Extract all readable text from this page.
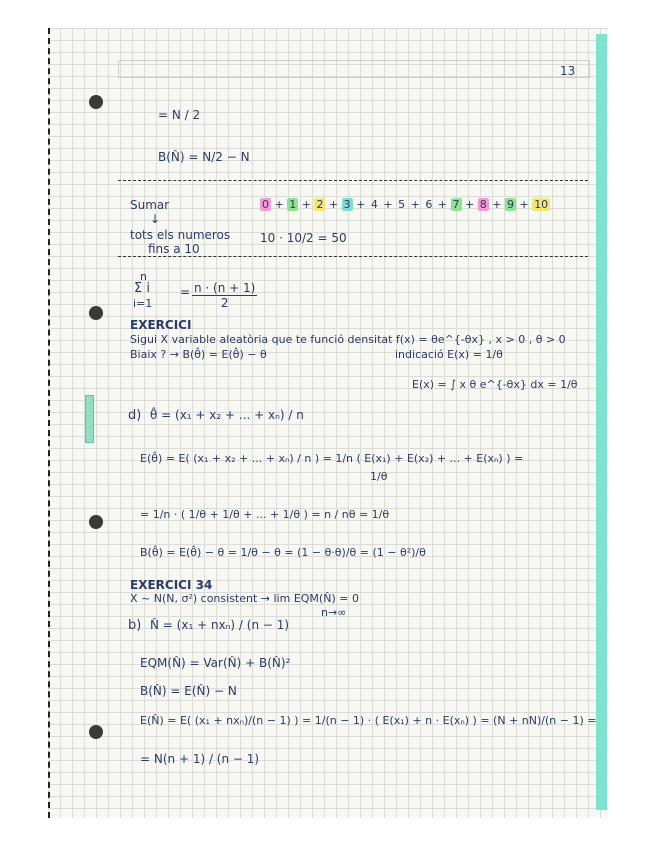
13
= N / 2
B(N̂) = N/2 − N
Sumar
↓
0 + 1 + 2 + 3 + 4 + 5 + 6 + 7 + 8 + 9 + 10
tots els numeros
fins a 10
10 · 10/2 = 50
n
Σ i
i=1
= $\frac{n \cdot (n + 1)}{2}$
EXERCICI
Sigui X variable aleatòria que te funció densitat f(x) = θe^{-θx} , x > 0 , θ > 0
Biaix ? → B(θ̂) = E(θ̂) − θ	indicació E(x) = 1/θ
E(x) = ∫ x θ e^{-θx} dx = 1/θ
d) θ̂ = (x₁ + x₂ + ... + xₙ) / n
E(θ̂) = E( (x₁ + x₂ + ... + xₙ) / n ) = 1/n ( E(x₁) + E(x₂) + ... + E(xₙ) ) =
1/θ
= 1/n · ( 1/θ + 1/θ + ... + 1/θ ) = n / nθ = 1/θ
B(θ̂) = E(θ̂) − θ = 1/θ − θ = (1 − θ·θ)/θ = (1 − θ²)/θ
EXERCICI 34
X ~ N(N, σ²) consistent → lim EQM(N̂) = 0
n→∞
b) N̂ = (x₁ + nxₙ) / (n − 1)
EQM(N̂) = Var(N̂) + B(N̂)²
B(N̂) = E(N̂) − N
E(N̂) = E( (x₁ + nxₙ)/(n − 1) ) = 1/(n − 1) · ( E(x₁) + n · E(xₙ) ) = (N + nN)/(n − 1) =
= N(n + 1) / (n − 1)
